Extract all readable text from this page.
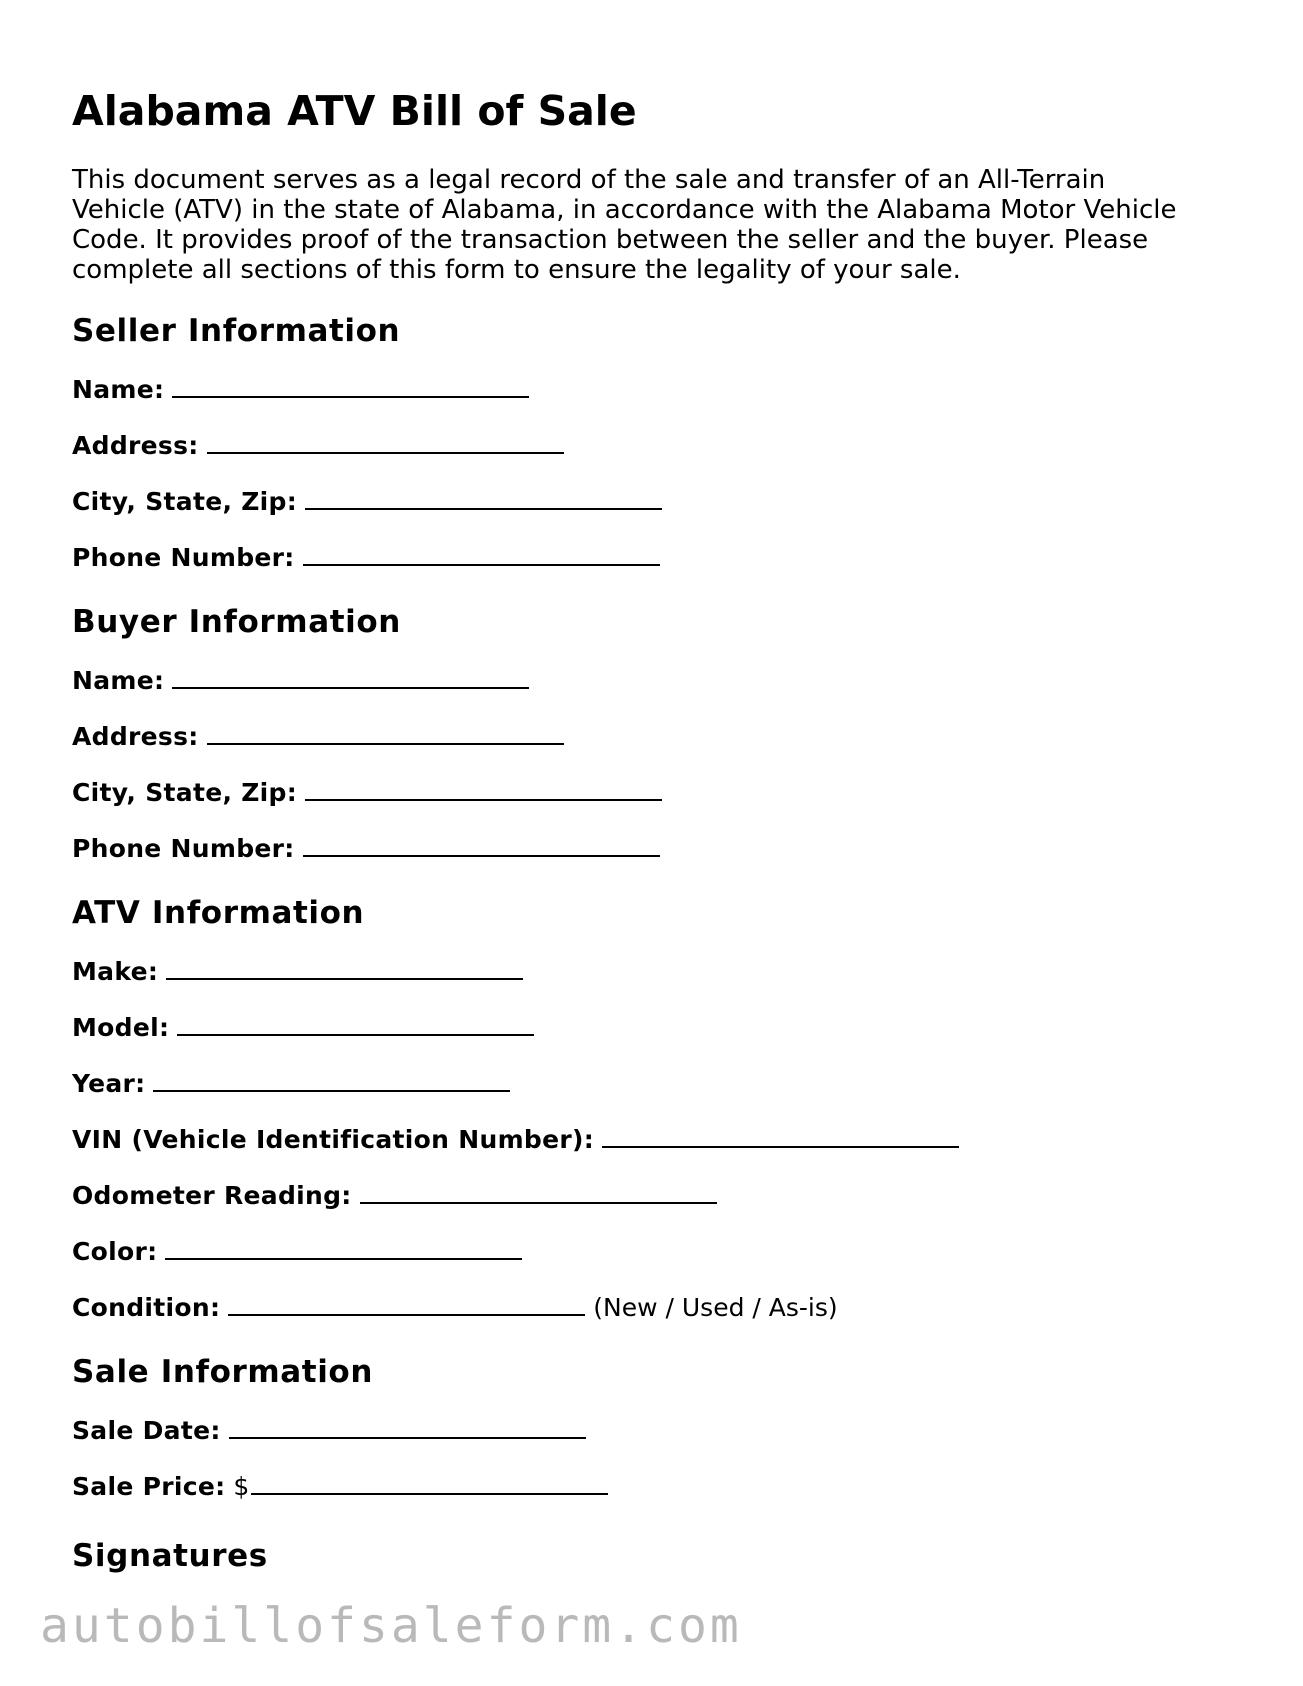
Alabama ATV Bill of Sale

This document serves as a legal record of the sale and transfer of an All-Terrain Vehicle (ATV) in the state of Alabama, in accordance with the Alabama Motor Vehicle Code. It provides proof of the transaction between the seller and the buyer. Please complete all sections of this form to ensure the legality of your sale.

Seller Information
Name:
Address:
City, State, Zip:
Phone Number:
Buyer Information
Name:
Address:
City, State, Zip:
Phone Number:
ATV Information
Make:
Model:
Year:
VIN (Vehicle Identification Number):
Odometer Reading:
Color:
Condition:	(New / Used / As-is)
Sale Information
Sale Date:
Sale Price: $
Signatures
autobillofsaleform.com
